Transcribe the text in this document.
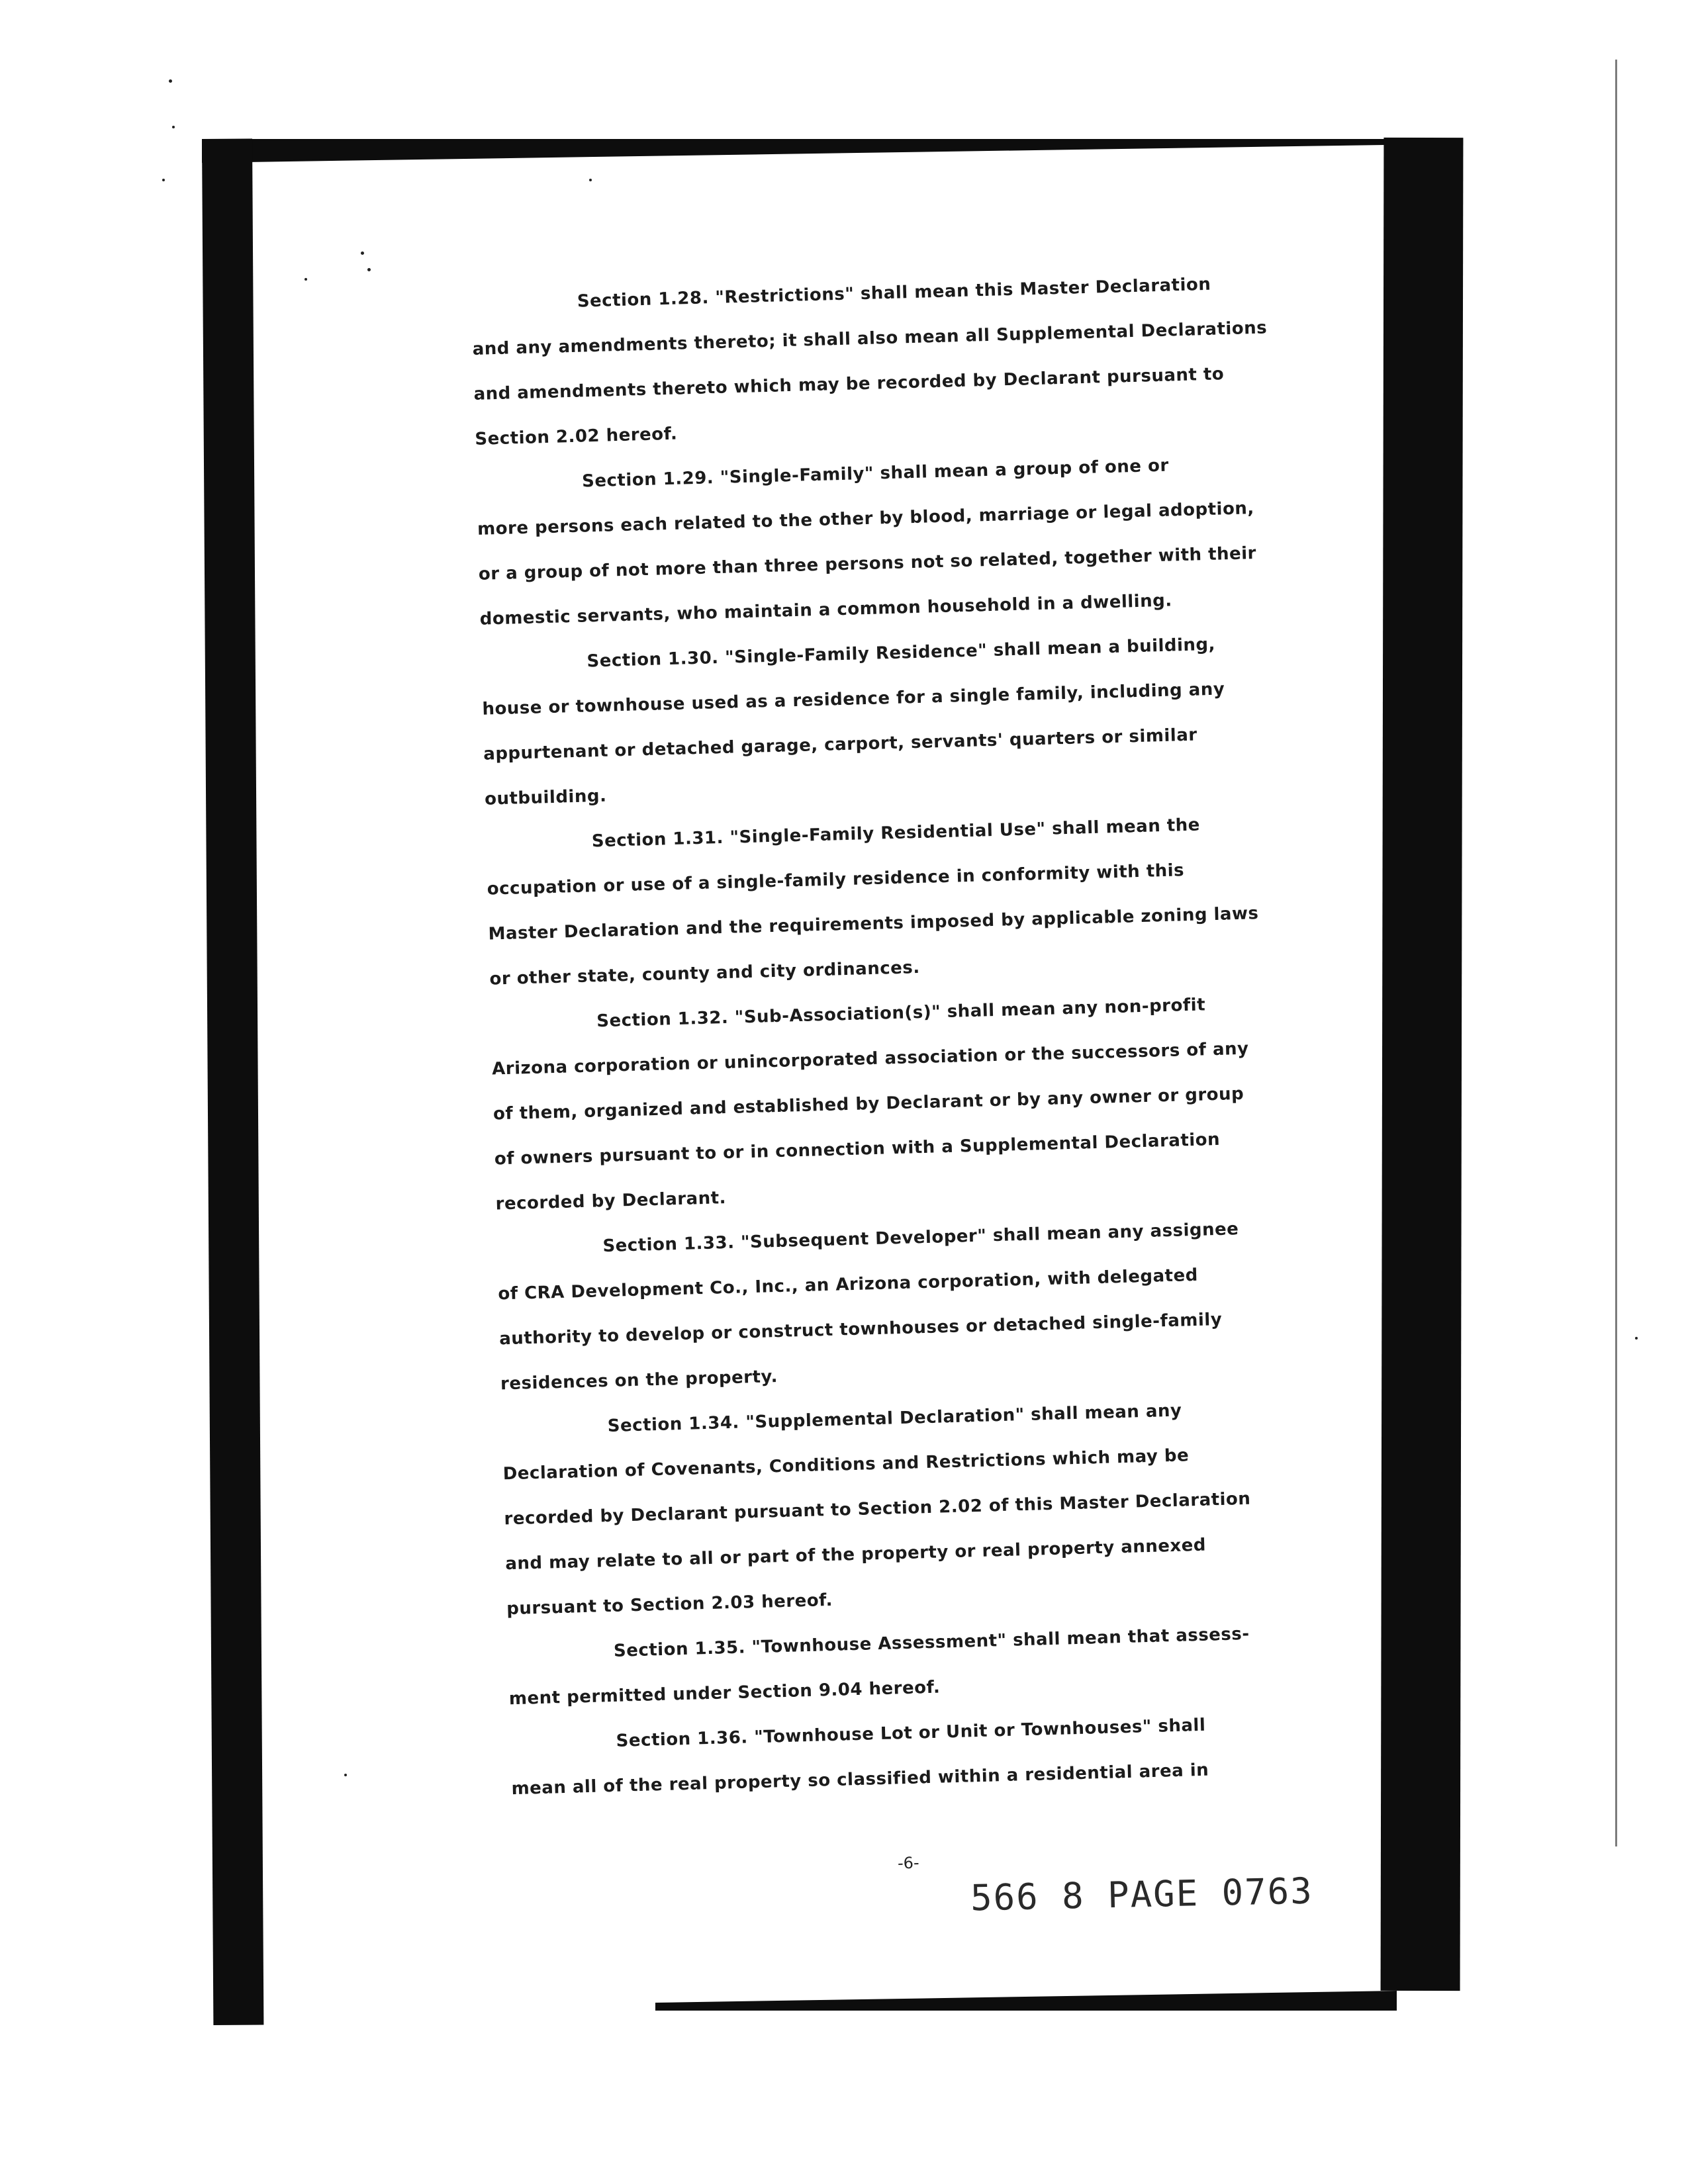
Section 1.28. "Restrictions" shall mean this Master Declaration
and any amendments thereto; it shall also mean all Supplemental Declarations
and amendments thereto which may be recorded by Declarant pursuant to
Section 2.02 hereof.
Section 1.29. "Single-Family" shall mean a group of one or
more persons each related to the other by blood, marriage or legal adoption,
or a group of not more than three persons not so related, together with their
domestic servants, who maintain a common household in a dwelling.
Section 1.30. "Single-Family Residence" shall mean a building,
house or townhouse used as a residence for a single family, including any
appurtenant or detached garage, carport, servants' quarters or similar
outbuilding.
Section 1.31. "Single-Family Residential Use" shall mean the
occupation or use of a single-family residence in conformity with this
Master Declaration and the requirements imposed by applicable zoning laws
or other state, county and city ordinances.
Section 1.32. "Sub-Association(s)" shall mean any non-profit
Arizona corporation or unincorporated association or the successors of any
of them, organized and established by Declarant or by any owner or group
of owners pursuant to or in connection with a Supplemental Declaration
recorded by Declarant.
Section 1.33. "Subsequent Developer" shall mean any assignee
of CRA Development Co., Inc., an Arizona corporation, with delegated
authority to develop or construct townhouses or detached single-family
residences on the property.
Section 1.34. "Supplemental Declaration" shall mean any
Declaration of Covenants, Conditions and Restrictions which may be
recorded by Declarant pursuant to Section 2.02 of this Master Declaration
and may relate to all or part of the property or real property annexed
pursuant to Section 2.03 hereof.
Section 1.35. "Townhouse Assessment" shall mean that assess-
ment permitted under Section 9.04 hereof.
Section 1.36. "Townhouse Lot or Unit or Townhouses" shall
mean all of the real property so classified within a residential area in
-6-
566 8 PAGE 0763
